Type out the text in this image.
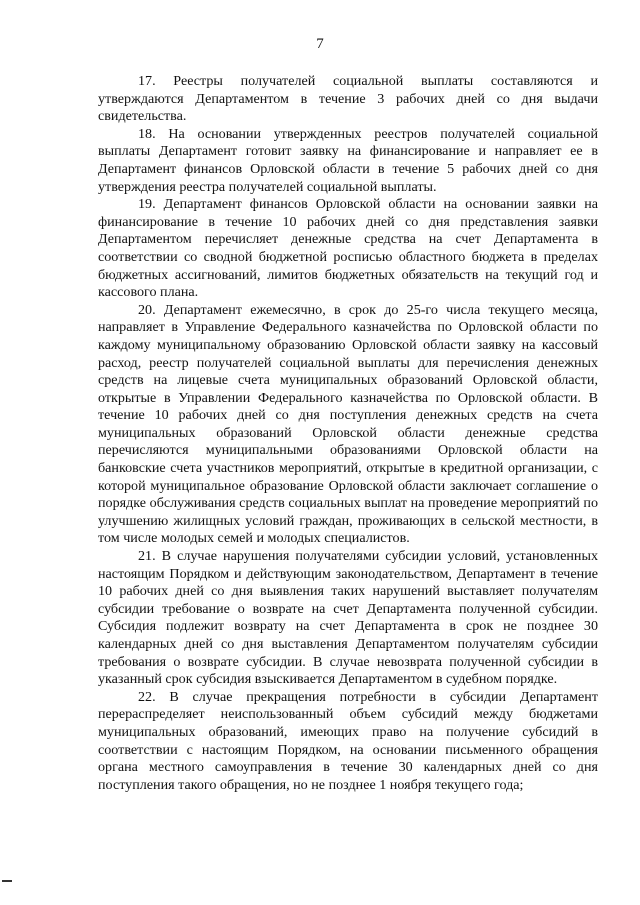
7

17. Реестры получателей социальной выплаты составляются и утверждаются Департаментом в течение 3 рабочих дней со дня выдачи свидетельства.

18. На основании утвержденных реестров получателей социальной выплаты Департамент готовит заявку на финансирование и направляет ее в Департамент финансов Орловской области в течение 5 рабочих дней со дня утверждения реестра получателей социальной выплаты.

19. Департамент финансов Орловской области на основании заявки на финансирование в течение 10 рабочих дней со дня представления заявки Департаментом перечисляет денежные средства на счет Департамента в соответствии со сводной бюджетной росписью областного бюджета в пределах бюджетных ассигнований, лимитов бюджетных обязательств на текущий год и кассового плана.

20. Департамент ежемесячно, в срок до 25-го числа текущего месяца, направляет в Управление Федерального казначейства по Орловской области по каждому муниципальному образованию Орловской области заявку на кассовый расход, реестр получателей социальной выплаты для перечисления денежных средств на лицевые счета муниципальных образований Орловской области, открытые в Управлении Федерального казначейства по Орловской области. В течение 10 рабочих дней со дня поступления денежных средств на счета муниципальных образований Орловской области денежные средства перечисляются муниципальными образованиями Орловской области на банковские счета участников мероприятий, открытые в кредитной организации, с которой муниципальное образование Орловской области заключает соглашение о порядке обслуживания средств социальных выплат на проведение мероприятий по улучшению жилищных условий граждан, проживающих в сельской местности, в том числе молодых семей и молодых специалистов.

21. В случае нарушения получателями субсидии условий, установленных настоящим Порядком и действующим законодательством, Департамент в течение 10 рабочих дней со дня выявления таких нарушений выставляет получателям субсидии требование о возврате на счет Департамента полученной субсидии. Субсидия подлежит возврату на счет Департамента в срок не позднее 30 календарных дней со дня выставления Департаментом получателям субсидии требования о возврате субсидии. В случае невозврата полученной субсидии в указанный срок субсидия взыскивается Департаментом в судебном порядке.

22. В случае прекращения потребности в субсидии Департамент перераспределяет неиспользованный объем субсидий между бюджетами муниципальных образований, имеющих право на получение субсидий в соответствии с настоящим Порядком, на основании письменного обращения органа местного самоуправления в течение 30 календарных дней со дня поступления такого обращения, но не позднее 1 ноября текущего года;
